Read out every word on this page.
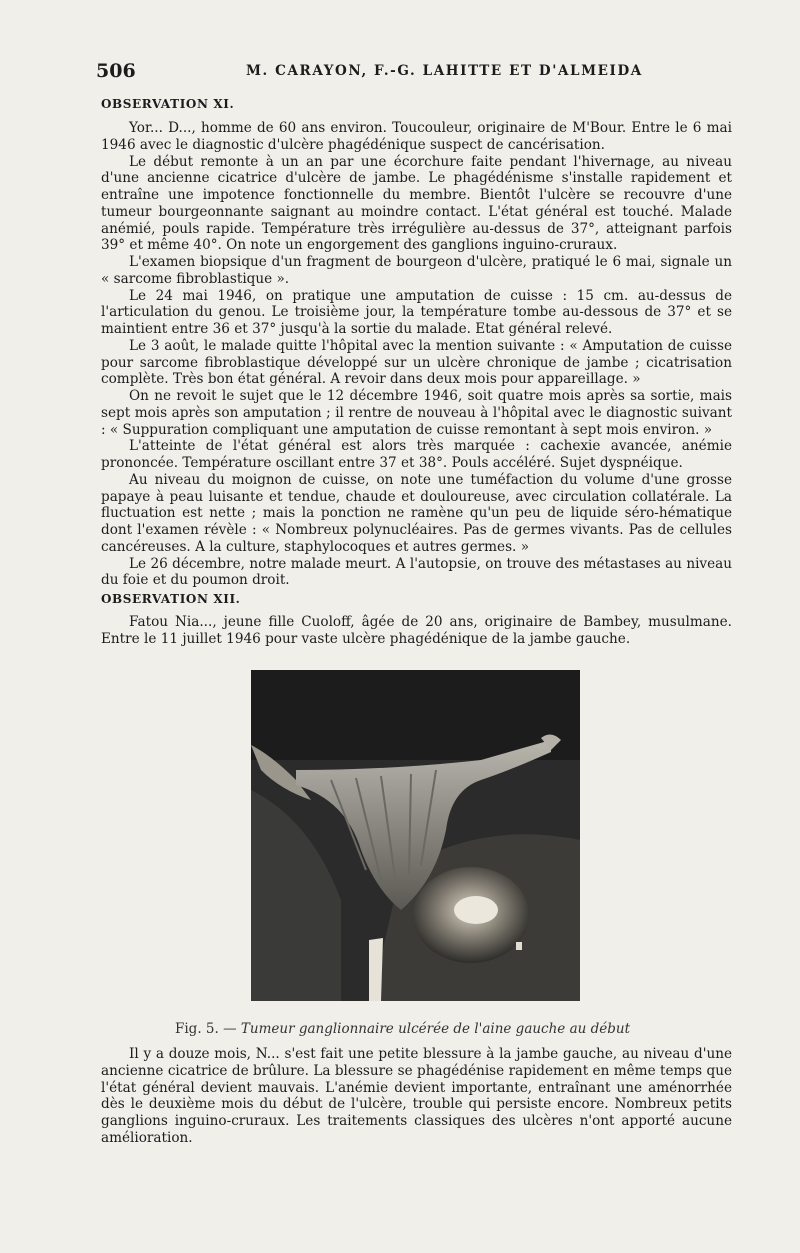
506	M. CARAYON, F.-G. LAHITTE ET D'ALMEIDA
OBSERVATION XI.

Yor... D..., homme de 60 ans environ. Toucouleur, originaire de M'Bour. Entre le 6 mai 1946 avec le diagnostic d'ulcère phagédénique suspect de cancérisation.

Le début remonte à un an par une écorchure faite pendant l'hivernage, au niveau d'une ancienne cicatrice d'ulcère de jambe. Le phagédénisme s'installe rapidement et entraîne une impotence fonctionnelle du membre. Bientôt l'ulcère se recouvre d'une tumeur bourgeonnante saignant au moindre contact. L'état général est touché. Malade anémié, pouls rapide. Température très irrégulière au-dessus de 37°, atteignant parfois 39° et même 40°. On note un engorgement des ganglions inguino-cruraux.

L'examen biopsique d'un fragment de bourgeon d'ulcère, pratiqué le 6 mai, signale un « sarcome fibroblastique ».

Le 24 mai 1946, on pratique une amputation de cuisse : 15 cm. au-dessus de l'articulation du genou. Le troisième jour, la température tombe au-dessous de 37° et se maintient entre 36 et 37° jusqu'à la sortie du malade. Etat général relevé.

Le 3 août, le malade quitte l'hôpital avec la mention suivante : « Amputation de cuisse pour sarcome fibroblastique développé sur un ulcère chronique de jambe ; cicatrisation complète. Très bon état général. A revoir dans deux mois pour appareillage. »

On ne revoit le sujet que le 12 décembre 1946, soit quatre mois après sa sortie, mais sept mois après son amputation ; il rentre de nouveau à l'hôpital avec le diagnostic suivant : « Suppuration compliquant une amputation de cuisse remontant à sept mois environ. »

L'atteinte de l'état général est alors très marquée : cachexie avancée, anémie prononcée. Température oscillant entre 37 et 38°. Pouls accéléré. Sujet dyspnéique.

Au niveau du moignon de cuisse, on note une tuméfaction du volume d'une grosse papaye à peau luisante et tendue, chaude et douloureuse, avec circulation collatérale. La fluctuation est nette ; mais la ponction ne ramène qu'un peu de liquide séro-hématique dont l'examen révèle : « Nombreux polynucléaires. Pas de germes vivants. Pas de cellules cancéreuses. A la culture, staphylocoques et autres germes. »

Le 26 décembre, notre malade meurt. A l'autopsie, on trouve des métastases au niveau du foie et du poumon droit.

OBSERVATION XII.

Fatou Nia..., jeune fille Cuoloff, âgée de 20 ans, originaire de Bambey, musulmane. Entre le 11 juillet 1946 pour vaste ulcère phagédénique de la jambe gauche.

Fig. 5. — Tumeur ganglionnaire ulcérée de l'aine gauche au début

Il y a douze mois, N... s'est fait une petite blessure à la jambe gauche, au niveau d'une ancienne cicatrice de brûlure. La blessure se phagédénise rapidement en même temps que l'état général devient mauvais. L'anémie devient importante, entraînant une aménorrhée dès le deuxième mois du début de l'ulcère, trouble qui persiste encore. Nombreux petits ganglions inguino-cruraux. Les traitements classiques des ulcères n'ont apporté aucune amélioration.
